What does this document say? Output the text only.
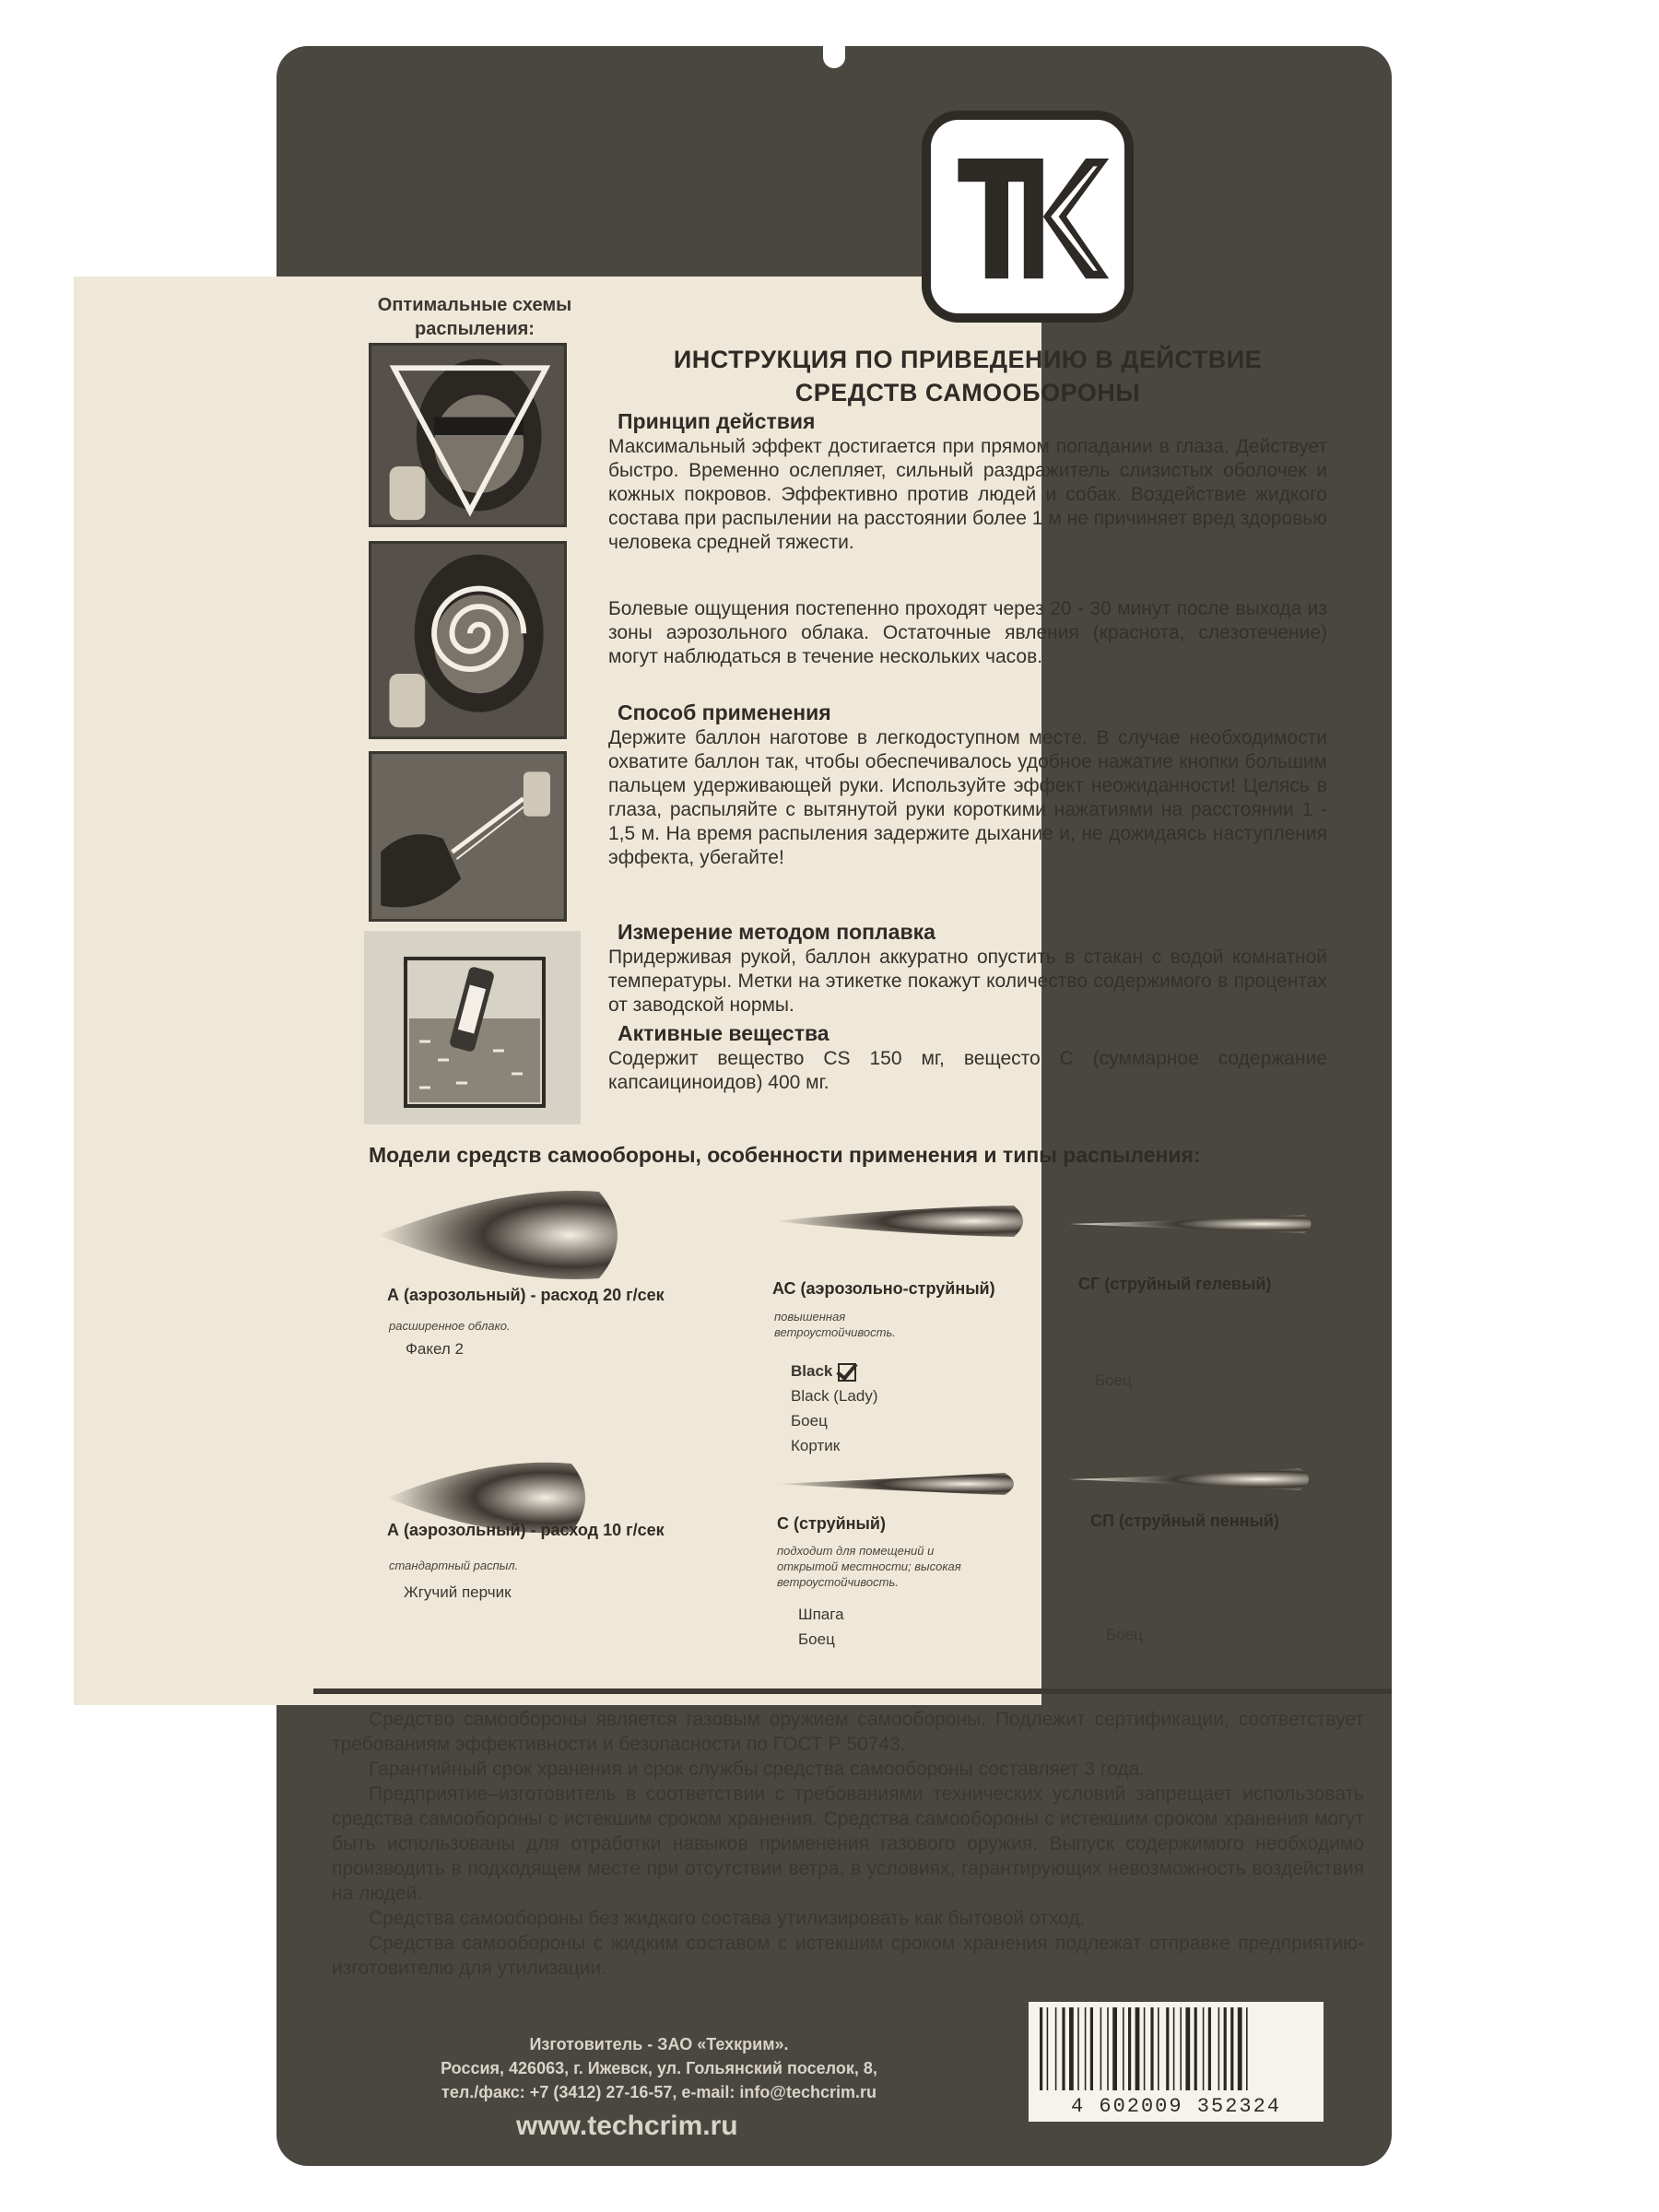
Оптимальные схемы распыления:
ИНСТРУКЦИЯ ПО ПРИВЕДЕНИЮ В ДЕЙСТВИЕ
СРЕДСТВ САМООБОРОНЫ
Принцип действия
Максимальный эффект достигается при прямом попадании в глаза. Действует быстро. Временно ослепляет, сильный раздражитель слизистых оболочек и кожных покровов. Эффективно против людей и собак. Воздействие жидкого состава при распылении на расстоянии более 1 м не причиняет вред здоровью человека средней тяжести.
Болевые ощущения постепенно проходят через 20 - 30 минут после выхода из зоны аэрозольного облака. Остаточные явления (краснота, слезотечение) могут наблюдаться в течение нескольких часов.
Способ применения
Держите баллон наготове в легкодоступном месте. В случае необходимости охватите баллон так, чтобы обеспечивалось удобное нажатие кнопки большим пальцем удерживающей руки. Используйте эффект неожиданности! Целясь в глаза, распыляйте с вытянутой руки короткими нажатиями на расстоянии 1 - 1,5 м. На время распыления задержите дыхание и, не дожидаясь наступления эффекта, убегайте!
Измерение методом поплавка
Придерживая рукой, баллон аккуратно опустить в стакан с водой комнатной температуры. Метки на этикетке покажут количество содержимого в процентах от заводской нормы.
Активные вещества
Содержит вещество CS 150 мг, вещесто С (суммарное содержание капсаициноидов) 400 мг.
Модели средств самообороны, особенности применения и типы распыления:
А (аэрозольный) - расход 20 г/сек
расширенное облако.
Факел 2
АС (аэрозольно-струйный)
повышенная ветроустойчивость.
Black
Black (Lady)
Боец
Кортик
СГ (струйный гелевый)
подходит для помещений и открытой местности; высокая ветроустойчивость.
Боец
А (аэрозольный) - расход 10 г/сек
стандартный распыл.
Жгучий перчик
С (струйный)
подходит для помещений и открытой местности; высокая ветроустойчивость.
Шпага
Боец
СП (струйный пенный)
подходит для помещений и открытой местности; высокая ветроустойчивость; вспенивается на объекте воздействия.
Боец

Средство самообороны является газовым оружием самообороны. Подлежит сертификации, соответствует требованиям эффективности и безопасности по ГОСТ Р 50743.

Гарантийный срок хранения и срок службы средства самообороны составляет 3 года.

Предприятие–изготовитель в соответствии с требованиями технических условий запрещает использовать средства самообороны с истекшим сроком хранения. Средства самообороны с истекшим сроком хранения могут быть использованы для отработки навыков применения газового оружия. Выпуск содержимого необходимо производить в подходящем месте при отсутствии ветра, в условиях, гарантирующих невозможность воздействия на людей.

Средства самообороны без жидкого состава утилизировать как бытовой отход.

Средства самообороны с жидким составом с истекшим сроком хранения подлежат отправке предприятию-изготовителю для утилизации.

Изготовитель - ЗАО «Техкрим».
Россия, 426063, г. Ижевск, ул. Гольянский поселок, 8,
тел./факс: +7 (3412) 27-16-57, e-mail: info@techcrim.ru
www.techcrim.ru
4 602009 352324
